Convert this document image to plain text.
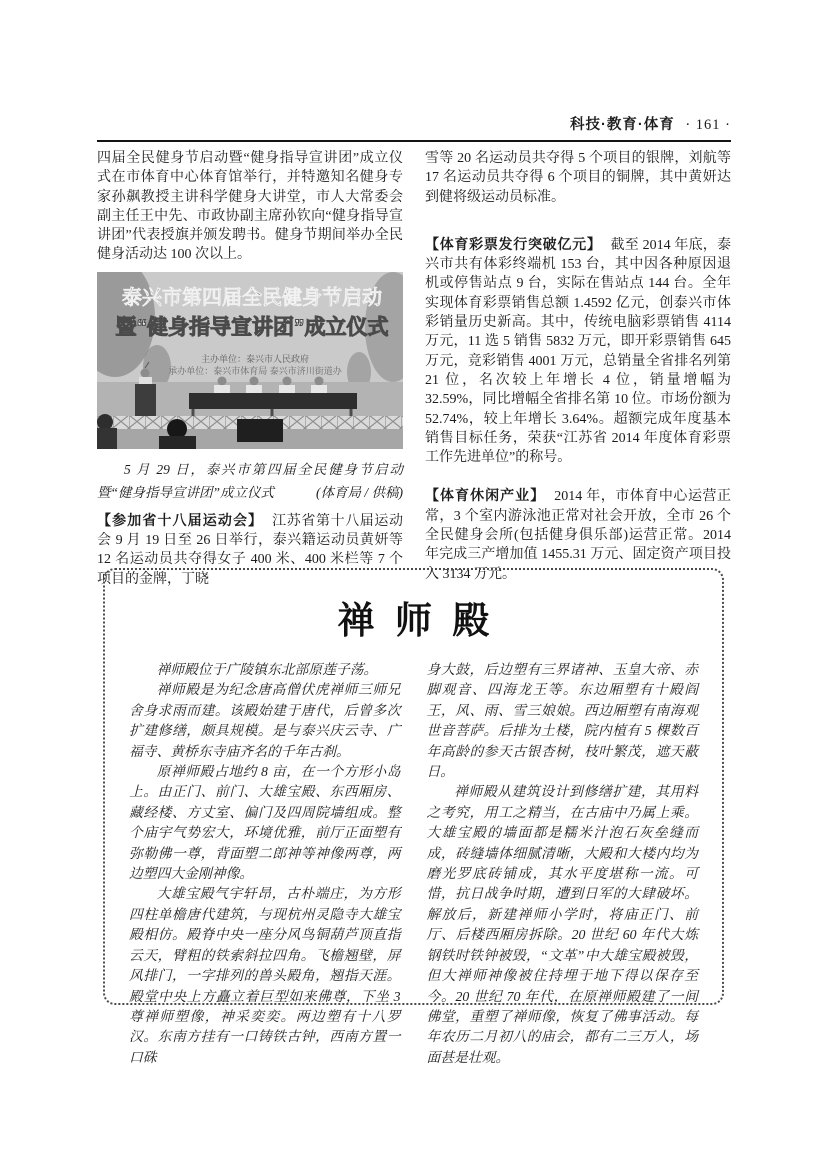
科技·教育·体育 · 161 ·

四届全民健身节启动暨“健身指导宣讲团”成立仪式在市体育中心体育馆举行，并特邀知名健身专家孙飙教授主讲科学健身大讲堂，市人大常委会副主任王中先、市政协副主席孙钦向“健身指导宣讲团”代表授旗并颁发聘书。健身节期间举办全民健身活动达 100 次以上。

泰兴市第四届全民健身节启动
暨“健身指导宣讲团”成立仪式
主办单位：泰兴市人民政府
承办单位：泰兴市体育局 泰兴市济川街道办

5 月 29 日，泰兴市第四届全民健身节启动暨“健身指导宣讲团”成立仪式	(体育局 / 供稿)

【参加省十八届运动会】 江苏省第十八届运动会 9 月 19 日至 26 日举行，泰兴籍运动员黄妍等 12 名运动员共夺得女子 400 米、400 米栏等 7 个项目的金牌，丁晓

雪等 20 名运动员共夺得 5 个项目的银牌，刘航等 17 名运动员共夺得 6 个项目的铜牌，其中黄妍达到健将级运动员标准。

【体育彩票发行突破亿元】 截至 2014 年底，泰兴市共有体彩终端机 153 台，其中因各种原因退机或停售站点 9 台，实际在售站点 144 台。全年实现体育彩票销售总额 1.4592 亿元，创泰兴市体彩销量历史新高。其中，传统电脑彩票销售 4114 万元，11 选 5 销售 5832 万元，即开彩票销售 645 万元，竞彩销售 4001 万元，总销量全省排名列第 21 位，名次较上年增长 4 位，销量增幅为 32.59%，同比增幅全省排名第 10 位。市场份额为 52.74%，较上年增长 3.64%。超额完成年度基本销售目标任务，荣获“江苏省 2014 年度体育彩票工作先进单位”的称号。

【体育休闲产业】 2014 年，市体育中心运营正常，3 个室内游泳池正常对社会开放，全市 26 个全民健身会所(包括健身俱乐部)运营正常。2014 年完成三产增加值 1455.31 万元、固定资产项目投入 3134 万元。

禅师殿

禅师殿位于广陵镇东北部原莲子荡。

禅师殿是为纪念唐高僧伏虎禅师三师兄舍身求雨而建。该殿始建于唐代，后曾多次扩建修缮，颇具规模。是与泰兴庆云寺、广福寺、黄桥东寺庙齐名的千年古刹。

原禅师殿占地约 8 亩，在一个方形小岛上。由正门、前门、大雄宝殿、东西厢房、藏经楼、方丈室、偏门及四周院墙组成。整个庙宇气势宏大，环境优雅，前厅正面塑有弥勒佛一尊，背面塑二郎神等神像两尊，两边塑四大金刚神像。

大雄宝殿气宇轩昂，古朴端庄，为方形四柱单檐唐代建筑，与现杭州灵隐寺大雄宝殿相仿。殿脊中央一座分风鸟铜葫芦顶直指云天，臂粗的铁索斜拉四角。飞檐翘壁，屏风排门，一字排列的兽头殿角，翘指天涯。殿堂中央上方矗立着巨型如来佛尊，下坐 3 尊禅师塑像，神采奕奕。两边塑有十八罗汉。东南方挂有一口铸铁古钟，西南方置一口硃

身大鼓，后边塑有三界诸神、玉皇大帝、赤脚观音、四海龙王等。东边厢塑有十殿阎王，风、雨、雪三娘娘。西边厢塑有南海观世音菩萨。后排为土楼，院内植有 5 棵数百年高龄的参天古银杏树，枝叶繁茂，遮天蔽日。

禅师殿从建筑设计到修缮扩建，其用料之考究，用工之精当，在古庙中乃属上乘。大雄宝殿的墙面都是糯米汁泡石灰垒缝而成，砖缝墙体细腻清晰，大殿和大楼内均为磨光罗底砖铺成，其水平度堪称一流。可惜，抗日战争时期，遭到日军的大肆破坏。解放后，新建禅师小学时，将庙正门、前厅、后楼西厢房拆除。20 世纪 60 年代大炼钢铁时铁钟被毁，“文革”中大雄宝殿被毁，但大禅师神像被住持埋于地下得以保存至今。20 世纪 70 年代，在原禅师殿建了一间佛堂，重塑了禅师像，恢复了佛事活动。每年农历二月初八的庙会，都有二三万人，场面甚是壮观。
